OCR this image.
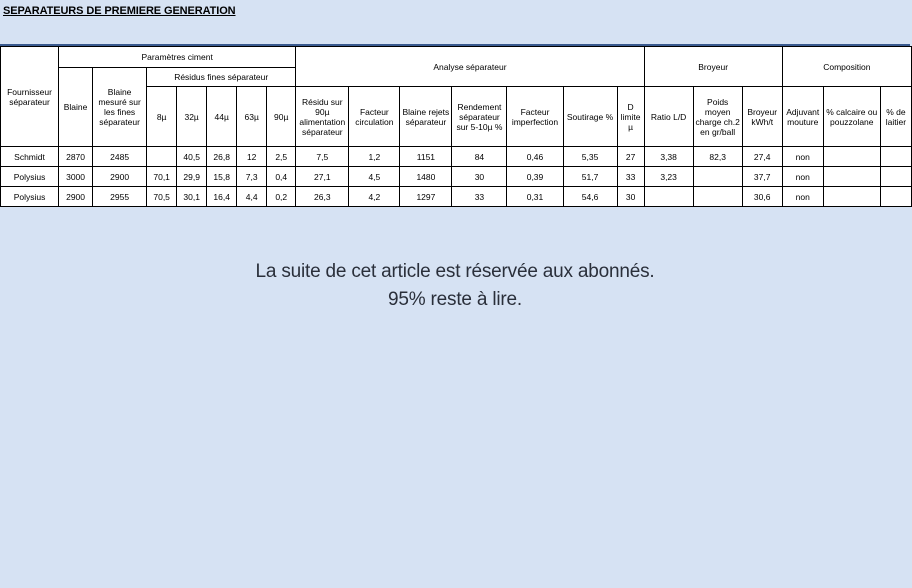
SEPARATEURS DE PREMIERE GENERATION
Fournisseur séparateur	Paramètres ciment							Analyse séparateur							Broyeur			Composition		
	Blaine	Blaine mesuré sur les fines séparateur	Résidus fines séparateur																	
			8µ	32µ	44µ	63µ	90µ	Résidu sur 90µ alimentation séparateur	Facteur circulation	Blaine rejets séparateur	Rendement séparateur sur 5-10µ %	Facteur imperfection	Soutirage %	D limite µ	Ratio L/D	Poids moyen charge ch.2 en gr/ball	Broyeur kWh/t	Adjuvant mouture	% calcaire ou pouzzolane	% de laitier
Schmidt	2870	2485		40,5	26,8	12	2,5	7,5	1,2	1151	84	0,46	5,35	27	3,38	82,3	27,4	non		
Polysius	3000	2900	70,1	29,9	15,8	7,3	0,4	27,1	4,5	1480	30	0,39	51,7	33	3,23		37,7	non		
Polysius	2900	2955	70,5	30,1	16,4	4,4	0,2	26,3	4,2	1297	33	0,31	54,6	30			30,6	non		
La suite de cet article est réservée aux abonnés.
95% reste à lire.
